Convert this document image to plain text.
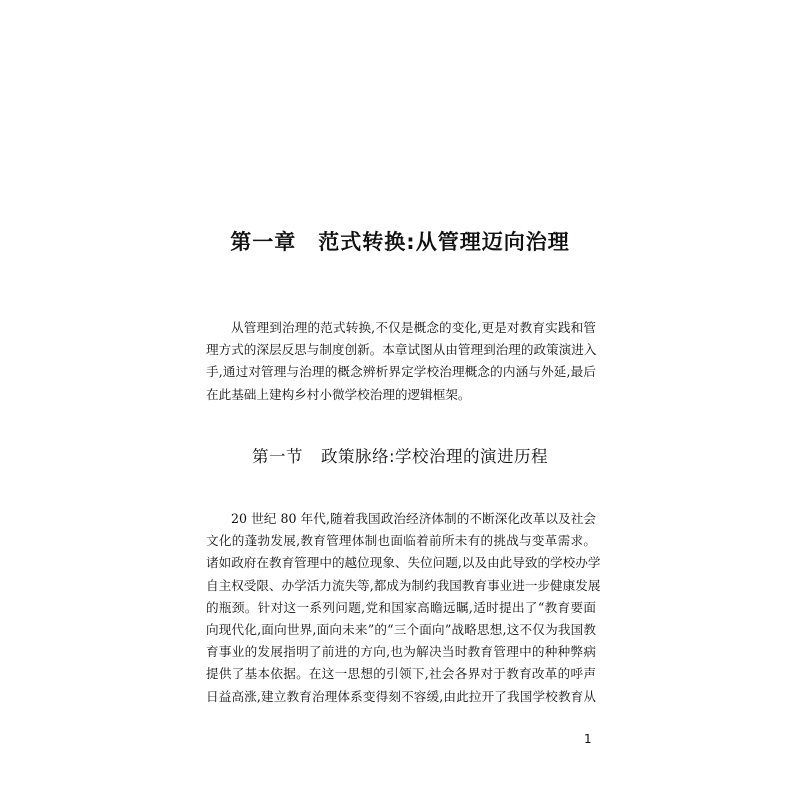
第一章 范式转换:从管理迈向治理
从管理到治理的范式转换,不仅是概念的变化,更是对教育实践和管
理方式的深层反思与制度创新。本章试图从由管理到治理的政策演进入
手,通过对管理与治理的概念辨析界定学校治理概念的内涵与外延,最后
在此基础上建构乡村小微学校治理的逻辑框架。
第一节 政策脉络:学校治理的演进历程
20 世纪 80 年代,随着我国政治经济体制的不断深化改革以及社会
文化的蓬勃发展,教育管理体制也面临着前所未有的挑战与变革需求。
诸如政府在教育管理中的越位现象、失位问题,以及由此导致的学校办学
自主权受限、办学活力流失等,都成为制约我国教育事业进一步健康发展
的瓶颈。针对这一系列问题,党和国家高瞻远瞩,适时提出了“教育要面
向现代化,面向世界,面向未来”的“三个面向”战略思想,这不仅为我国教
育事业的发展指明了前进的方向,也为解决当时教育管理中的种种弊病
提供了基本依据。在这一思想的引领下,社会各界对于教育改革的呼声
日益高涨,建立教育治理体系变得刻不容缓,由此拉开了我国学校教育从
1
